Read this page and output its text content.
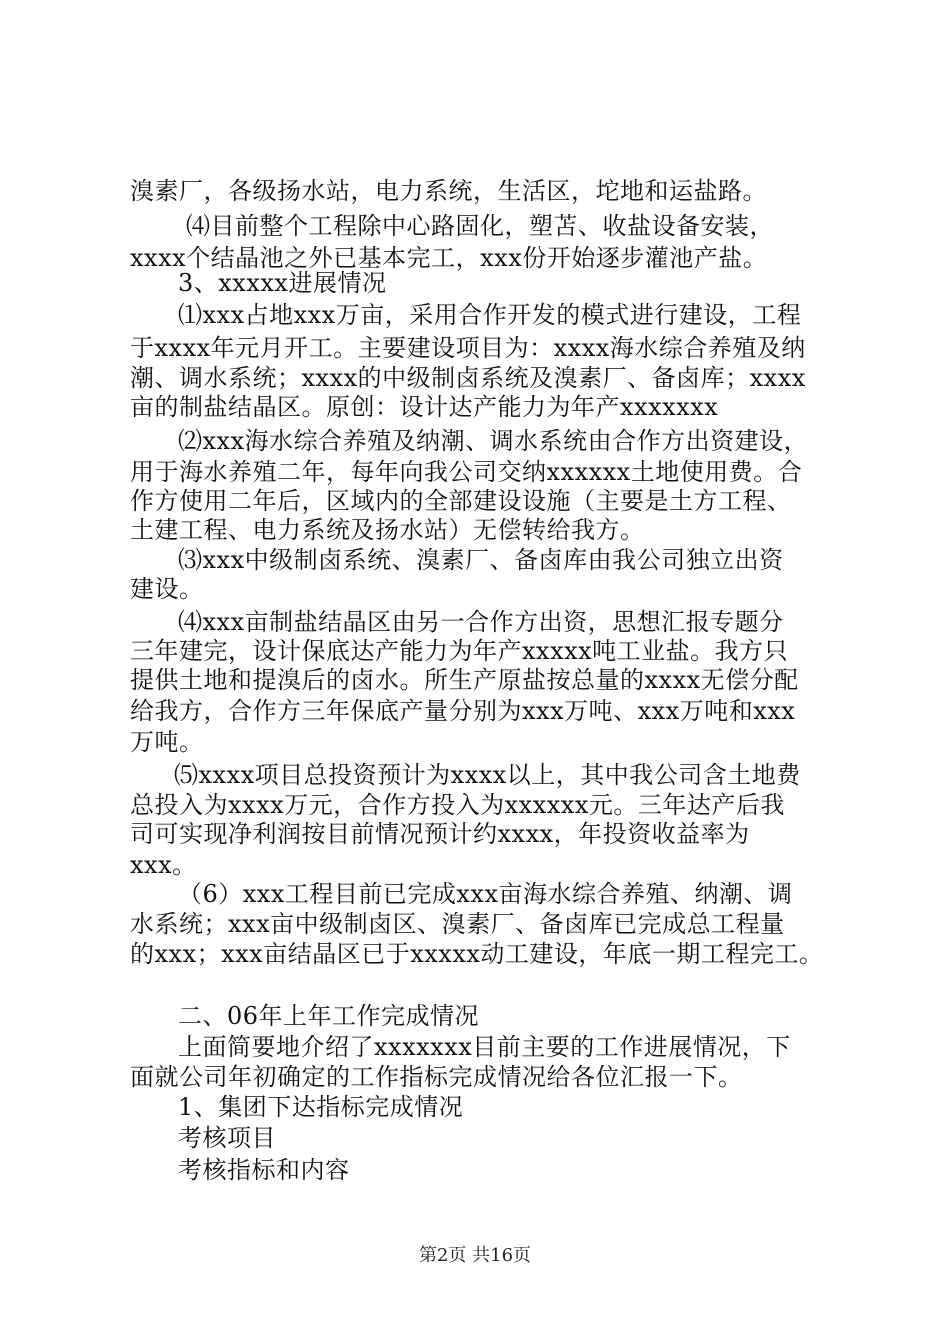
溴素厂，各级扬水站，电力系统，生活区，坨地和运盐路。
⑷目前整个工程除中心路固化，塑苫、收盐设备安装，
xxxx个结晶池之外已基本完工，xxx份开始逐步灌池产盐。
3、xxxxx进展情况
⑴xxx占地xxx万亩，采用合作开发的模式进行建设，工程
于xxxx年元月开工。主要建设项目为：xxxx海水综合养殖及纳
潮、调水系统；xxxx的中级制卤系统及溴素厂、备卤库；xxxx
亩的制盐结晶区。原创：设计达产能力为年产xxxxxxx
⑵xxx海水综合养殖及纳潮、调水系统由合作方出资建设，
用于海水养殖二年，每年向我公司交纳xxxxxx土地使用费。合
作方使用二年后，区域内的全部建设设施（主要是土方工程、
土建工程、电力系统及扬水站）无偿转给我方。
⑶xxx中级制卤系统、溴素厂、备卤库由我公司独立出资
建设。
⑷xxx亩制盐结晶区由另一合作方出资，思想汇报专题分
三年建完，设计保底达产能力为年产xxxxx吨工业盐。我方只
提供土地和提溴后的卤水。所生产原盐按总量的xxxx无偿分配
给我方，合作方三年保底产量分别为xxx万吨、xxx万吨和xxx
万吨。
⑸xxxx项目总投资预计为xxxx以上，其中我公司含土地费
总投入为xxxx万元，合作方投入为xxxxxx元。三年达产后我
司可实现净利润按目前情况预计约xxxx，年投资收益率为
xxx。
（6）xxx工程目前已完成xxx亩海水综合养殖、纳潮、调
水系统；xxx亩中级制卤区、溴素厂、备卤库已完成总工程量
的xxx；xxx亩结晶区已于xxxxx动工建设，年底一期工程完工。
二、06年上年工作完成情况
上面简要地介绍了xxxxxxx目前主要的工作进展情况，下
面就公司年初确定的工作指标完成情况给各位汇报一下。
1、集团下达指标完成情况
考核项目
考核指标和内容
第2页 共16页
